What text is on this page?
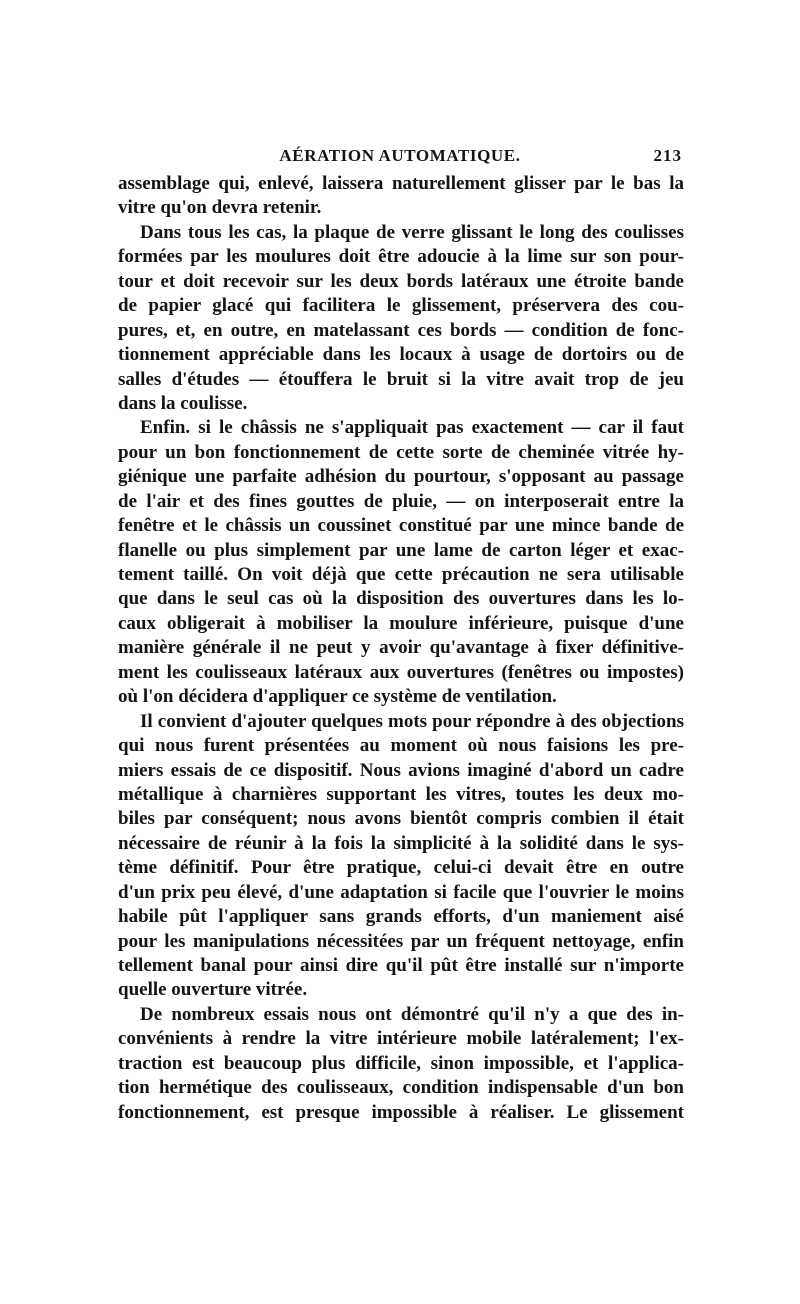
AÉRATION AUTOMATIQUE.	213
assemblage qui, enlevé, laissera naturellement glisser par le bas la
vitre qu'on devra retenir.
Dans tous les cas, la plaque de verre glissant le long des coulisses
formées par les moulures doit être adoucie à la lime sur son pour-
tour et doit recevoir sur les deux bords latéraux une étroite bande
de papier glacé qui facilitera le glissement, préservera des cou-
pures, et, en outre, en matelassant ces bords — condition de fonc-
tionnement appréciable dans les locaux à usage de dortoirs ou de
salles d'études — étouffera le bruit si la vitre avait trop de jeu
dans la coulisse.
Enfin. si le châssis ne s'appliquait pas exactement — car il faut
pour un bon fonctionnement de cette sorte de cheminée vitrée hy-
giénique une parfaite adhésion du pourtour, s'opposant au passage
de l'air et des fines gouttes de pluie, — on interposerait entre la
fenêtre et le châssis un coussinet constitué par une mince bande de
flanelle ou plus simplement par une lame de carton léger et exac-
tement taillé. On voit déjà que cette précaution ne sera utilisable
que dans le seul cas où la disposition des ouvertures dans les lo-
caux obligerait à mobiliser la moulure inférieure, puisque d'une
manière générale il ne peut y avoir qu'avantage à fixer définitive-
ment les coulisseaux latéraux aux ouvertures (fenêtres ou impostes)
où l'on décidera d'appliquer ce système de ventilation.
Il convient d'ajouter quelques mots pour répondre à des objections
qui nous furent présentées au moment où nous faisions les pre-
miers essais de ce dispositif. Nous avions imaginé d'abord un cadre
métallique à charnières supportant les vitres, toutes les deux mo-
biles par conséquent; nous avons bientôt compris combien il était
nécessaire de réunir à la fois la simplicité à la solidité dans le sys-
tème définitif. Pour être pratique, celui-ci devait être en outre
d'un prix peu élevé, d'une adaptation si facile que l'ouvrier le moins
habile pût l'appliquer sans grands efforts, d'un maniement aisé
pour les manipulations nécessitées par un fréquent nettoyage, enfin
tellement banal pour ainsi dire qu'il pût être installé sur n'importe
quelle ouverture vitrée.
De nombreux essais nous ont démontré qu'il n'y a que des in-
convénients à rendre la vitre intérieure mobile latéralement; l'ex-
traction est beaucoup plus difficile, sinon impossible, et l'applica-
tion hermétique des coulisseaux, condition indispensable d'un bon
fonctionnement, est presque impossible à réaliser. Le glissement
